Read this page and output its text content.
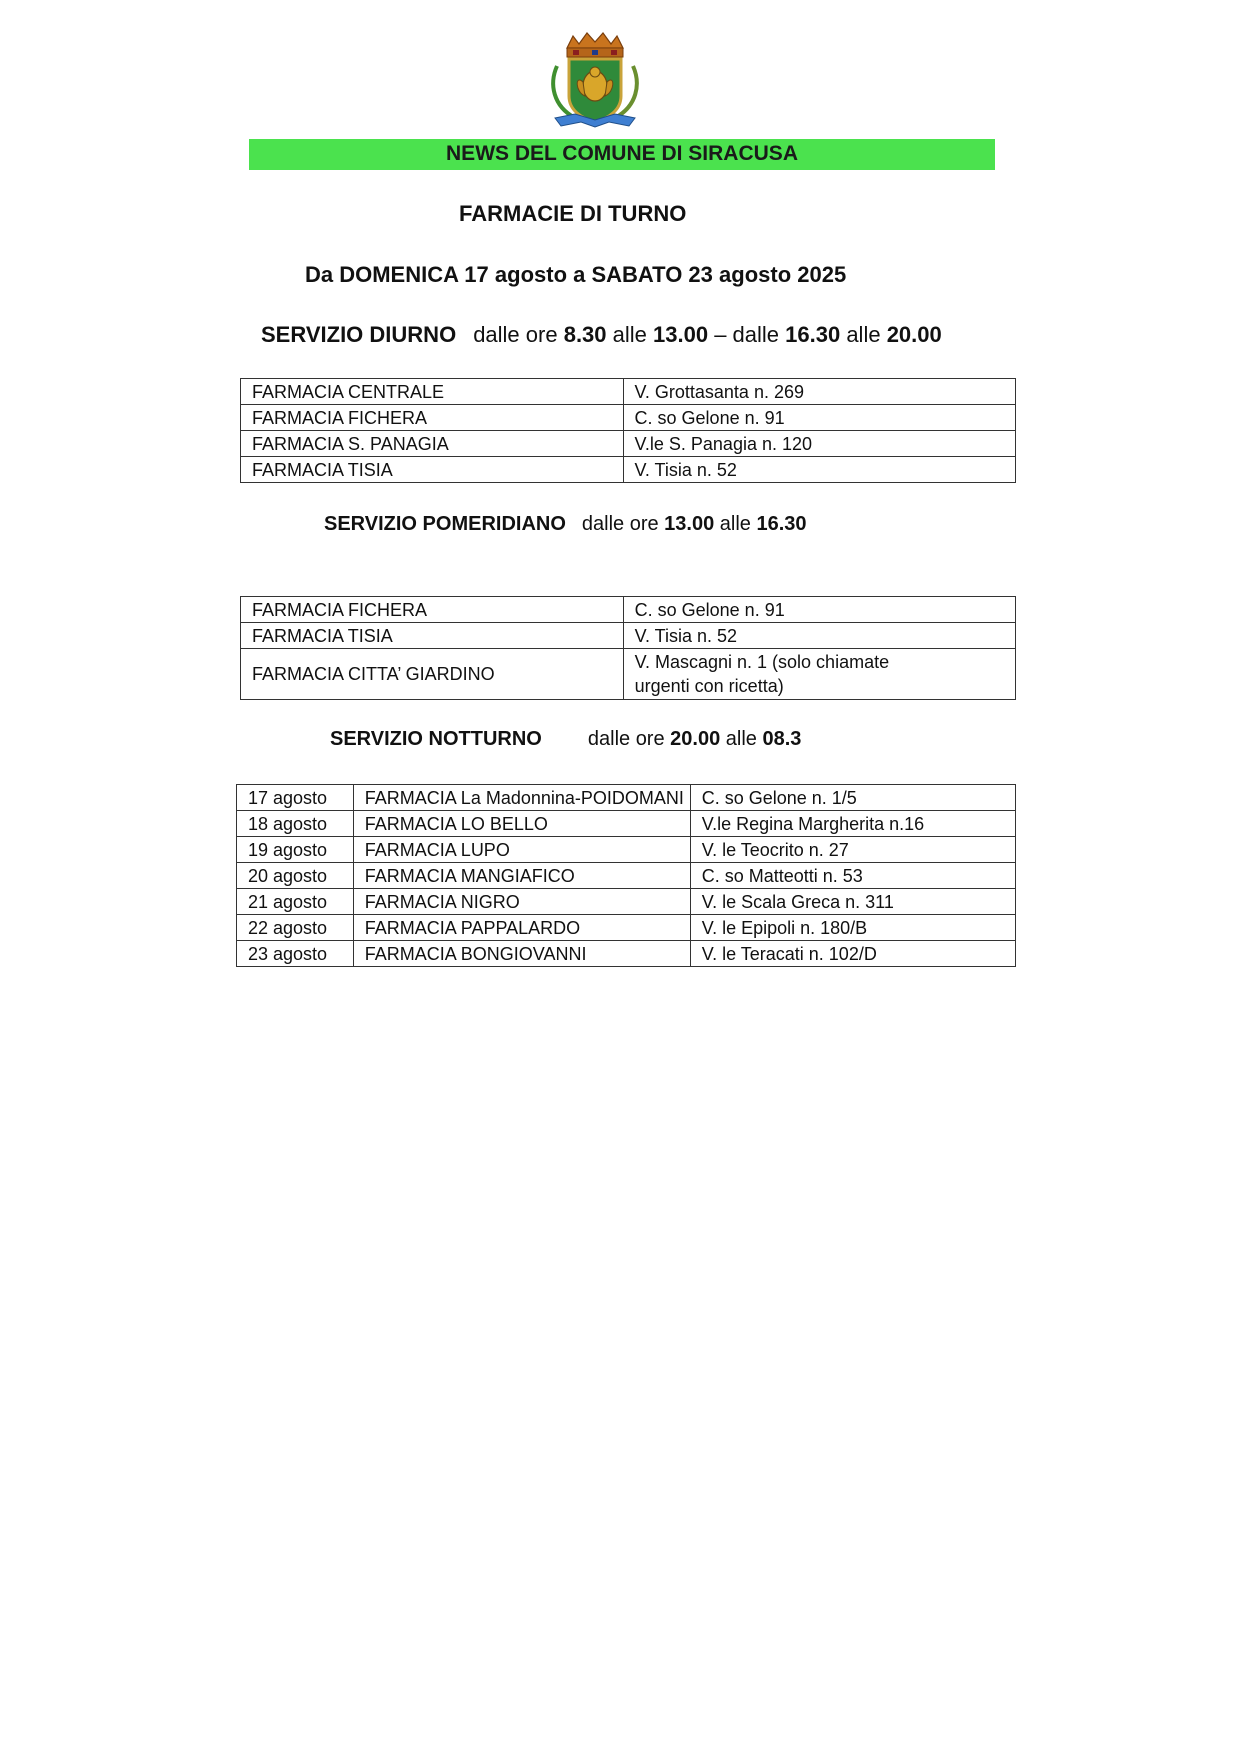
NEWS DEL COMUNE DI SIRACUSA
FARMACIE DI TURNO
Da DOMENICA 17 agosto a SABATO 23 agosto 2025
SERVIZIO DIURNO dalle ore 8.30 alle 13.00 – dalle 16.30 alle 20.00
FARMACIA CENTRALE	V. Grottasanta n. 269
FARMACIA FICHERA	C. so Gelone n. 91
FARMACIA S. PANAGIA	V.le S. Panagia n. 120
FARMACIA TISIA	V. Tisia n. 52
SERVIZIO POMERIDIANO dalle ore 13.00 alle 16.30
FARMACIA FICHERA	C. so Gelone n. 91
FARMACIA TISIA	V. Tisia n. 52
FARMACIA CITTA’ GIARDINO	V. Mascagni n. 1 (solo chiamate urgenti con ricetta)
SERVIZIO NOTTURNO dalle ore 20.00 alle 08.3
17 agosto	FARMACIA La Madonnina-POIDOMANI	C. so Gelone n. 1/5
18 agosto	FARMACIA LO BELLO	V.le Regina Margherita n.16
19 agosto	FARMACIA LUPO	V. le Teocrito n. 27
20 agosto	FARMACIA MANGIAFICO	C. so Matteotti n. 53
21 agosto	FARMACIA NIGRO	V. le Scala Greca n. 311
22 agosto	FARMACIA PAPPALARDO	V. le Epipoli n. 180/B
23 agosto	FARMACIA BONGIOVANNI	V. le Teracati n. 102/D
